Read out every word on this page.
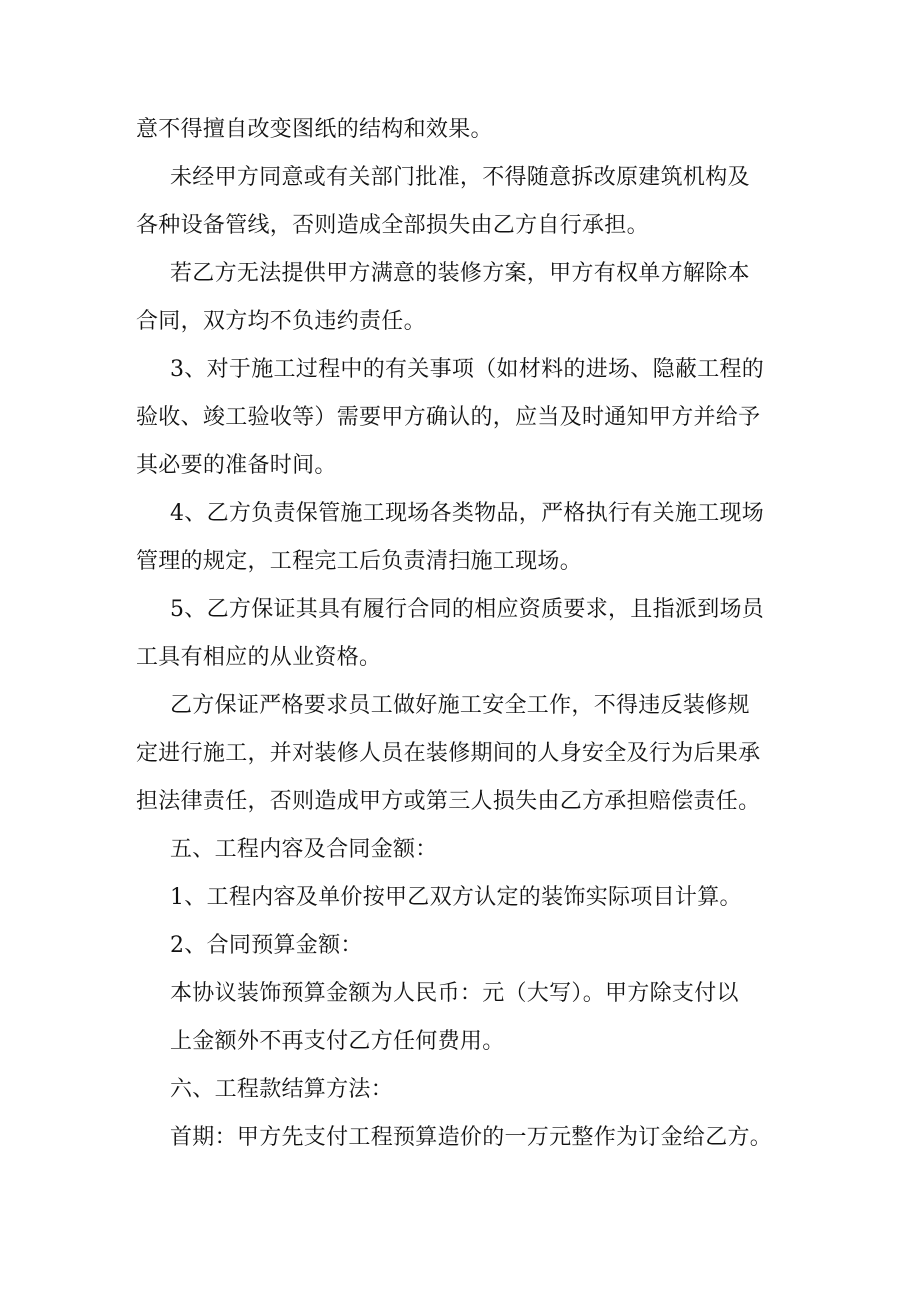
意不得擅自改变图纸的结构和效果。
未经甲方同意或有关部门批准，不得随意拆改原建筑机构及
各种设备管线，否则造成全部损失由乙方自行承担。
若乙方无法提供甲方满意的装修方案，甲方有权单方解除本
合同，双方均不负违约责任。
3、对于施工过程中的有关事项（如材料的进场、隐蔽工程的
验收、竣工验收等）需要甲方确认的，应当及时通知甲方并给予
其必要的准备时间。
4、乙方负责保管施工现场各类物品，严格执行有关施工现场
管理的规定，工程完工后负责清扫施工现场。
5、乙方保证其具有履行合同的相应资质要求，且指派到场员
工具有相应的从业资格。
乙方保证严格要求员工做好施工安全工作，不得违反装修规
定进行施工，并对装修人员在装修期间的人身安全及行为后果承
担法律责任，否则造成甲方或第三人损失由乙方承担赔偿责任。
五、工程内容及合同金额：
1、工程内容及单价按甲乙双方认定的装饰实际项目计算。
2、合同预算金额：
本协议装饰预算金额为人民币：元（大写）。甲方除支付以
上金额外不再支付乙方任何费用。
六、工程款结算方法：
首期：甲方先支付工程预算造价的一万元整作为订金给乙方。
